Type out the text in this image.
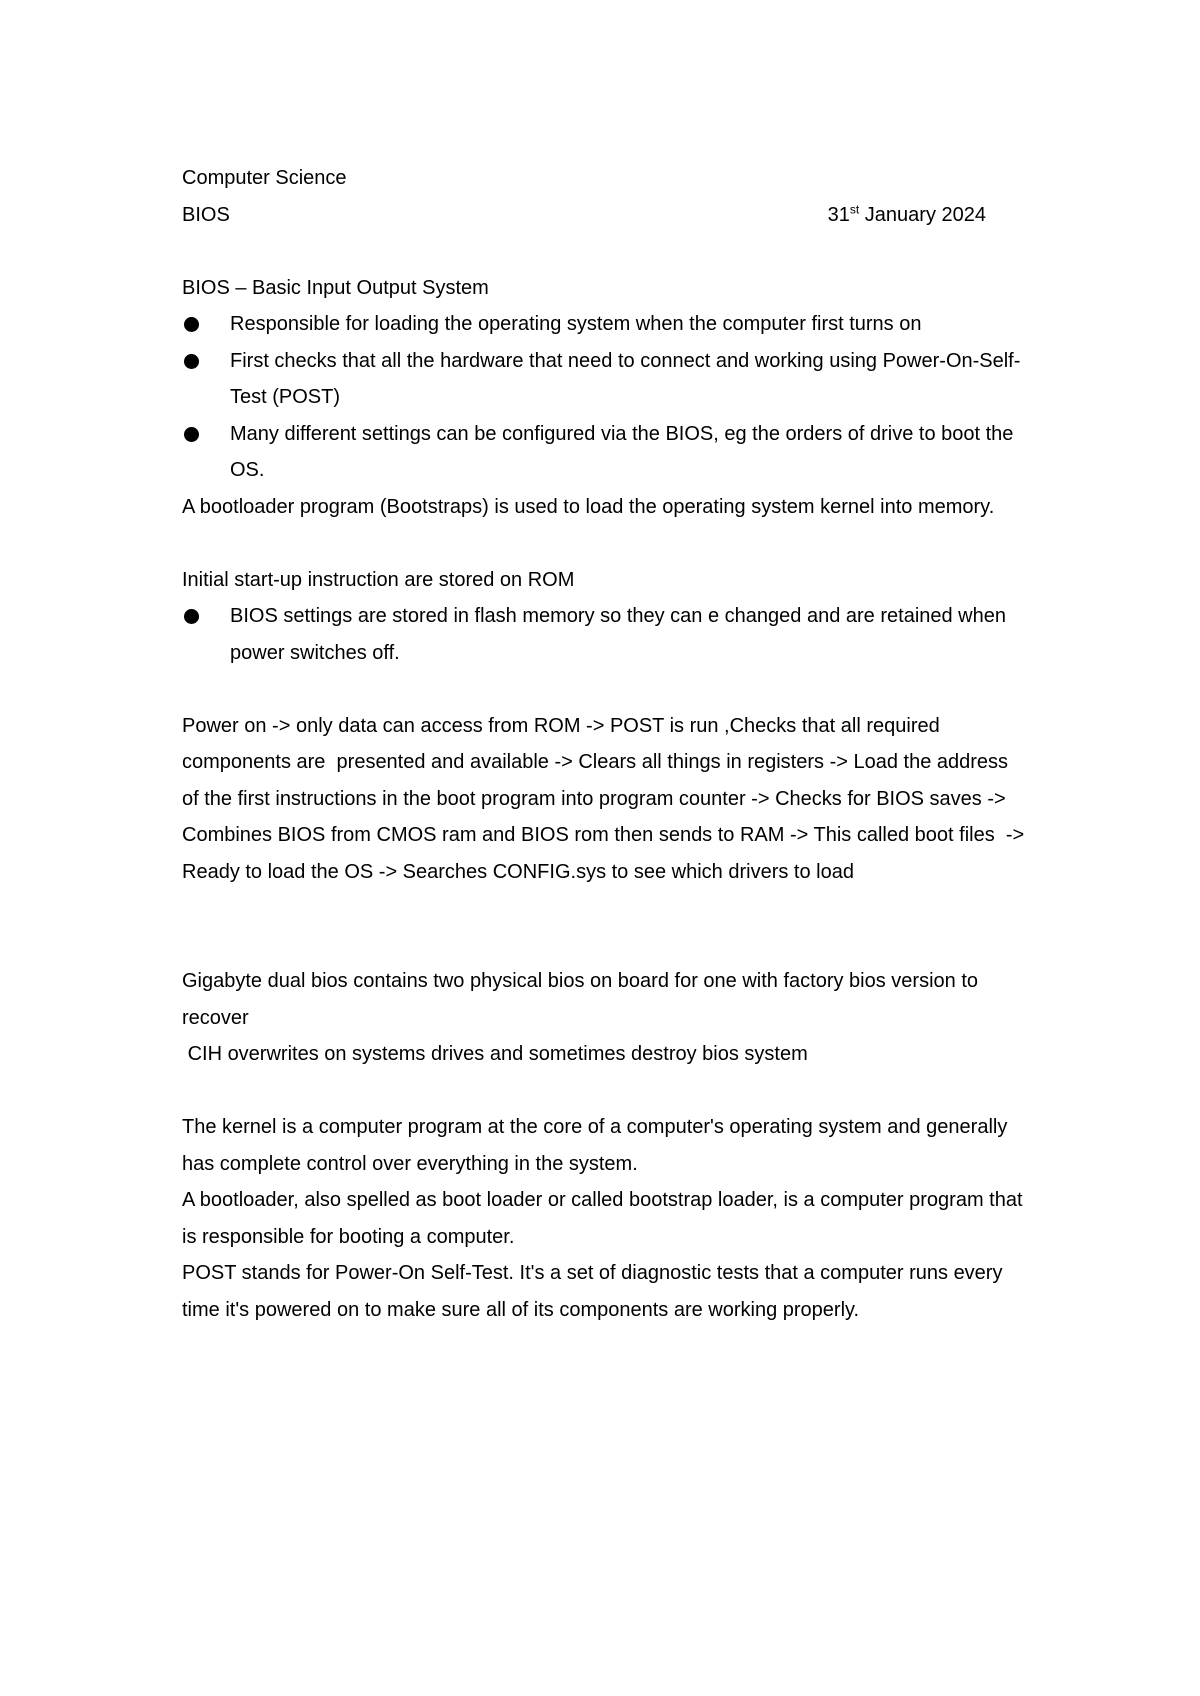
Computer Science

BIOS	31st January 2024

BIOS – Basic Input Output System

Responsible for loading the operating system when the computer first turns on
First checks that all the hardware that need to connect and working using Power-On-Self-Test (POST)
Many different settings can be configured via the BIOS, eg the orders of drive to boot the OS.

A bootloader program (Bootstraps) is used to load the operating system kernel into memory.

Initial start-up instruction are stored on ROM

BIOS settings are stored in flash memory so they can e changed and are retained when power switches off.

Power on -> only data can access from ROM -> POST is run ,Checks that all required components are  presented and available -> Clears all things in registers -> Load the address of the first instructions in the boot program into program counter -> Checks for BIOS saves -> Combines BIOS from CMOS ram and BIOS rom then sends to RAM -> This called boot files  -> Ready to load the OS -> Searches CONFIG.sys to see which drivers to load

Gigabyte dual bios contains two physical bios on board for one with factory bios version to recover

CIH overwrites on systems drives and sometimes destroy bios system

The kernel is a computer program at the core of a computer's operating system and generally has complete control over everything in the system.

A bootloader, also spelled as boot loader or called bootstrap loader, is a computer program that is responsible for booting a computer.

POST stands for Power-On Self-Test. It's a set of diagnostic tests that a computer runs every time it's powered on to make sure all of its components are working properly.
